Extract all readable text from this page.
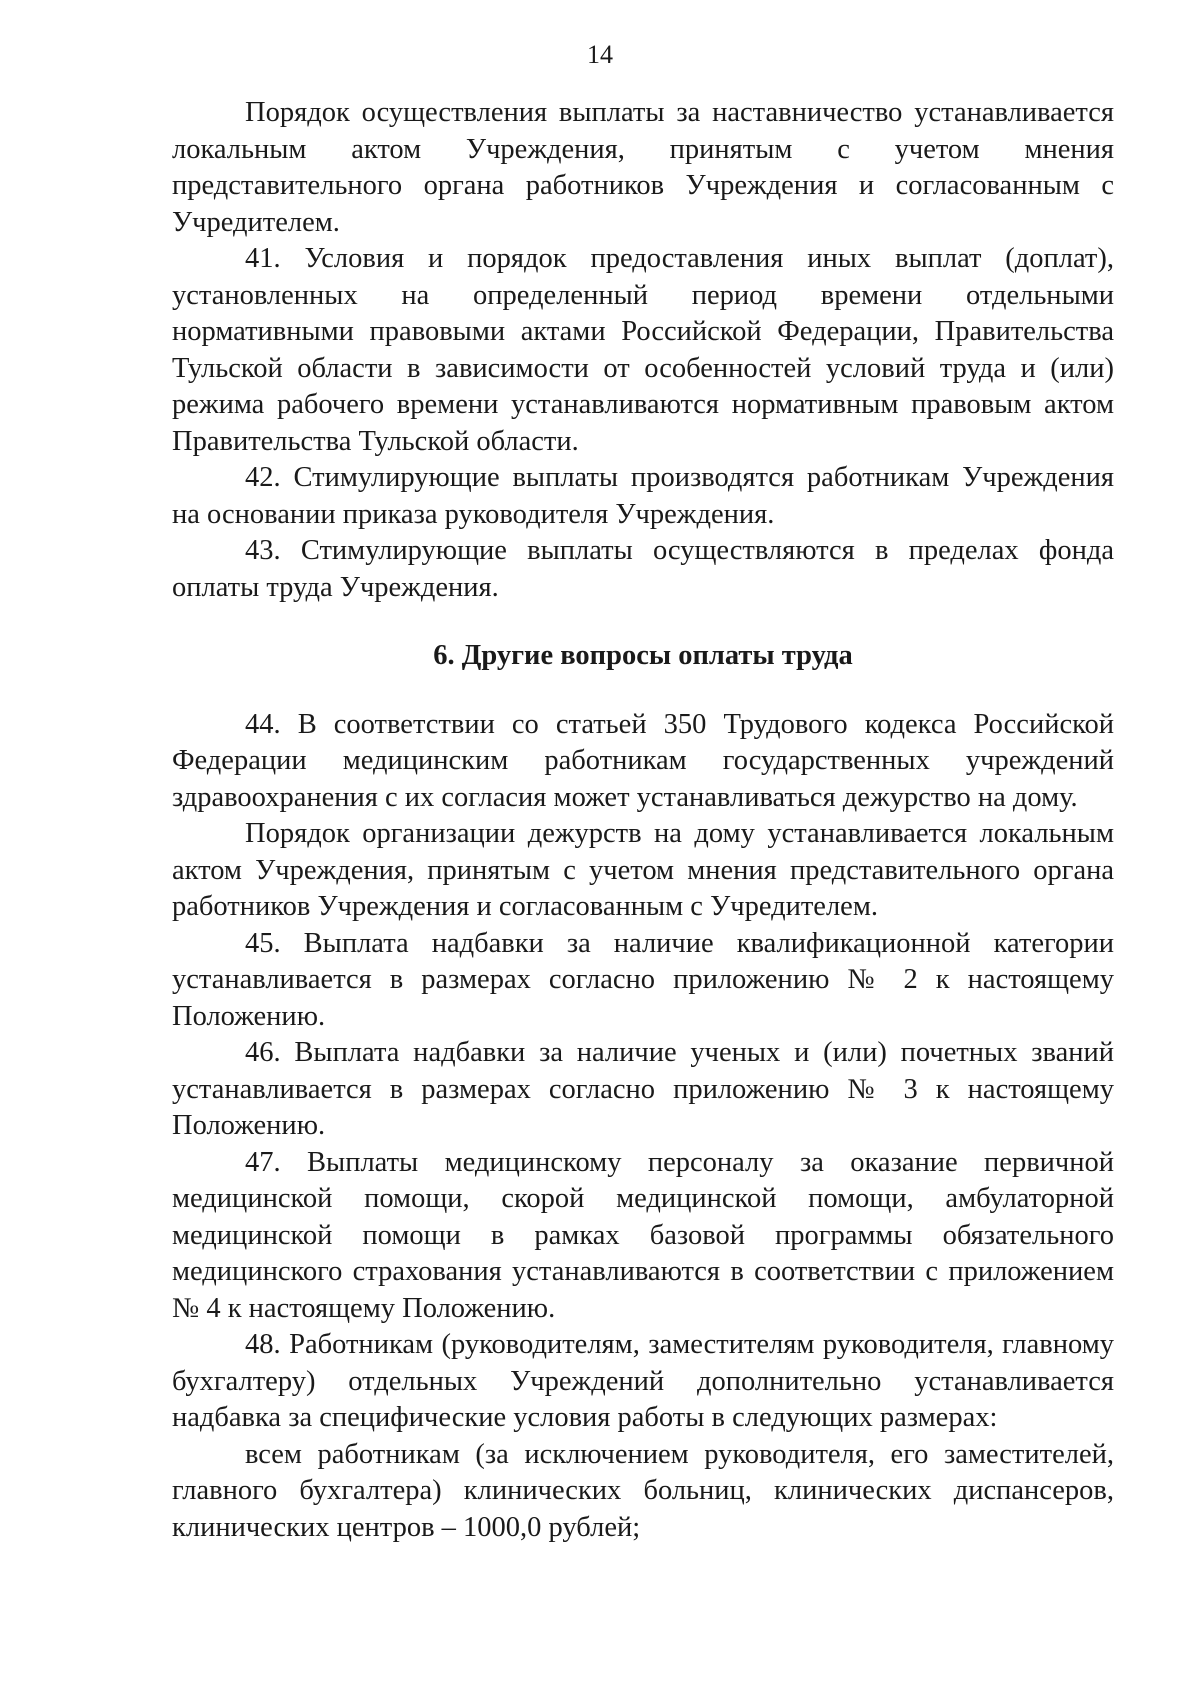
14

Порядок осуществления выплаты за наставничество устанавливается локальным актом Учреждения, принятым с учетом мнения представительного органа работников Учреждения и согласованным с Учредителем.

41. Условия и порядок предоставления иных выплат (доплат), установленных на определенный период времени отдельными нормативными правовыми актами Российской Федерации, Правительства Тульской области в зависимости от особенностей условий труда и (или) режима рабочего времени устанавливаются нормативным правовым актом Правительства Тульской области.

42. Стимулирующие выплаты производятся работникам Учреждения на основании приказа руководителя Учреждения.

43. Стимулирующие выплаты осуществляются в пределах фонда оплаты труда Учреждения.

6. Другие вопросы оплаты труда

44. В соответствии со статьей 350 Трудового кодекса Российской Федерации медицинским работникам государственных учреждений здравоохранения с их согласия может устанавливаться дежурство на дому.

Порядок организации дежурств на дому устанавливается локальным актом Учреждения, принятым с учетом мнения представительного органа работников Учреждения и согласованным с Учредителем.

45. Выплата надбавки за наличие квалификационной категории устанавливается в размерах согласно приложению № 2 к настоящему Положению.

46. Выплата надбавки за наличие ученых и (или) почетных званий устанавливается в размерах согласно приложению № 3 к настоящему Положению.

47. Выплаты медицинскому персоналу за оказание первичной медицинской помощи, скорой медицинской помощи, амбулаторной медицинской помощи в рамках базовой программы обязательного медицинского страхования устанавливаются в соответствии с приложением № 4 к настоящему Положению.

48. Работникам (руководителям, заместителям руководителя, главному бухгалтеру) отдельных Учреждений дополнительно устанавливается надбавка за специфические условия работы в следующих размерах:

всем работникам (за исключением руководителя, его заместителей, главного бухгалтера) клинических больниц, клинических диспансеров, клинических центров – 1000,0 рублей;
